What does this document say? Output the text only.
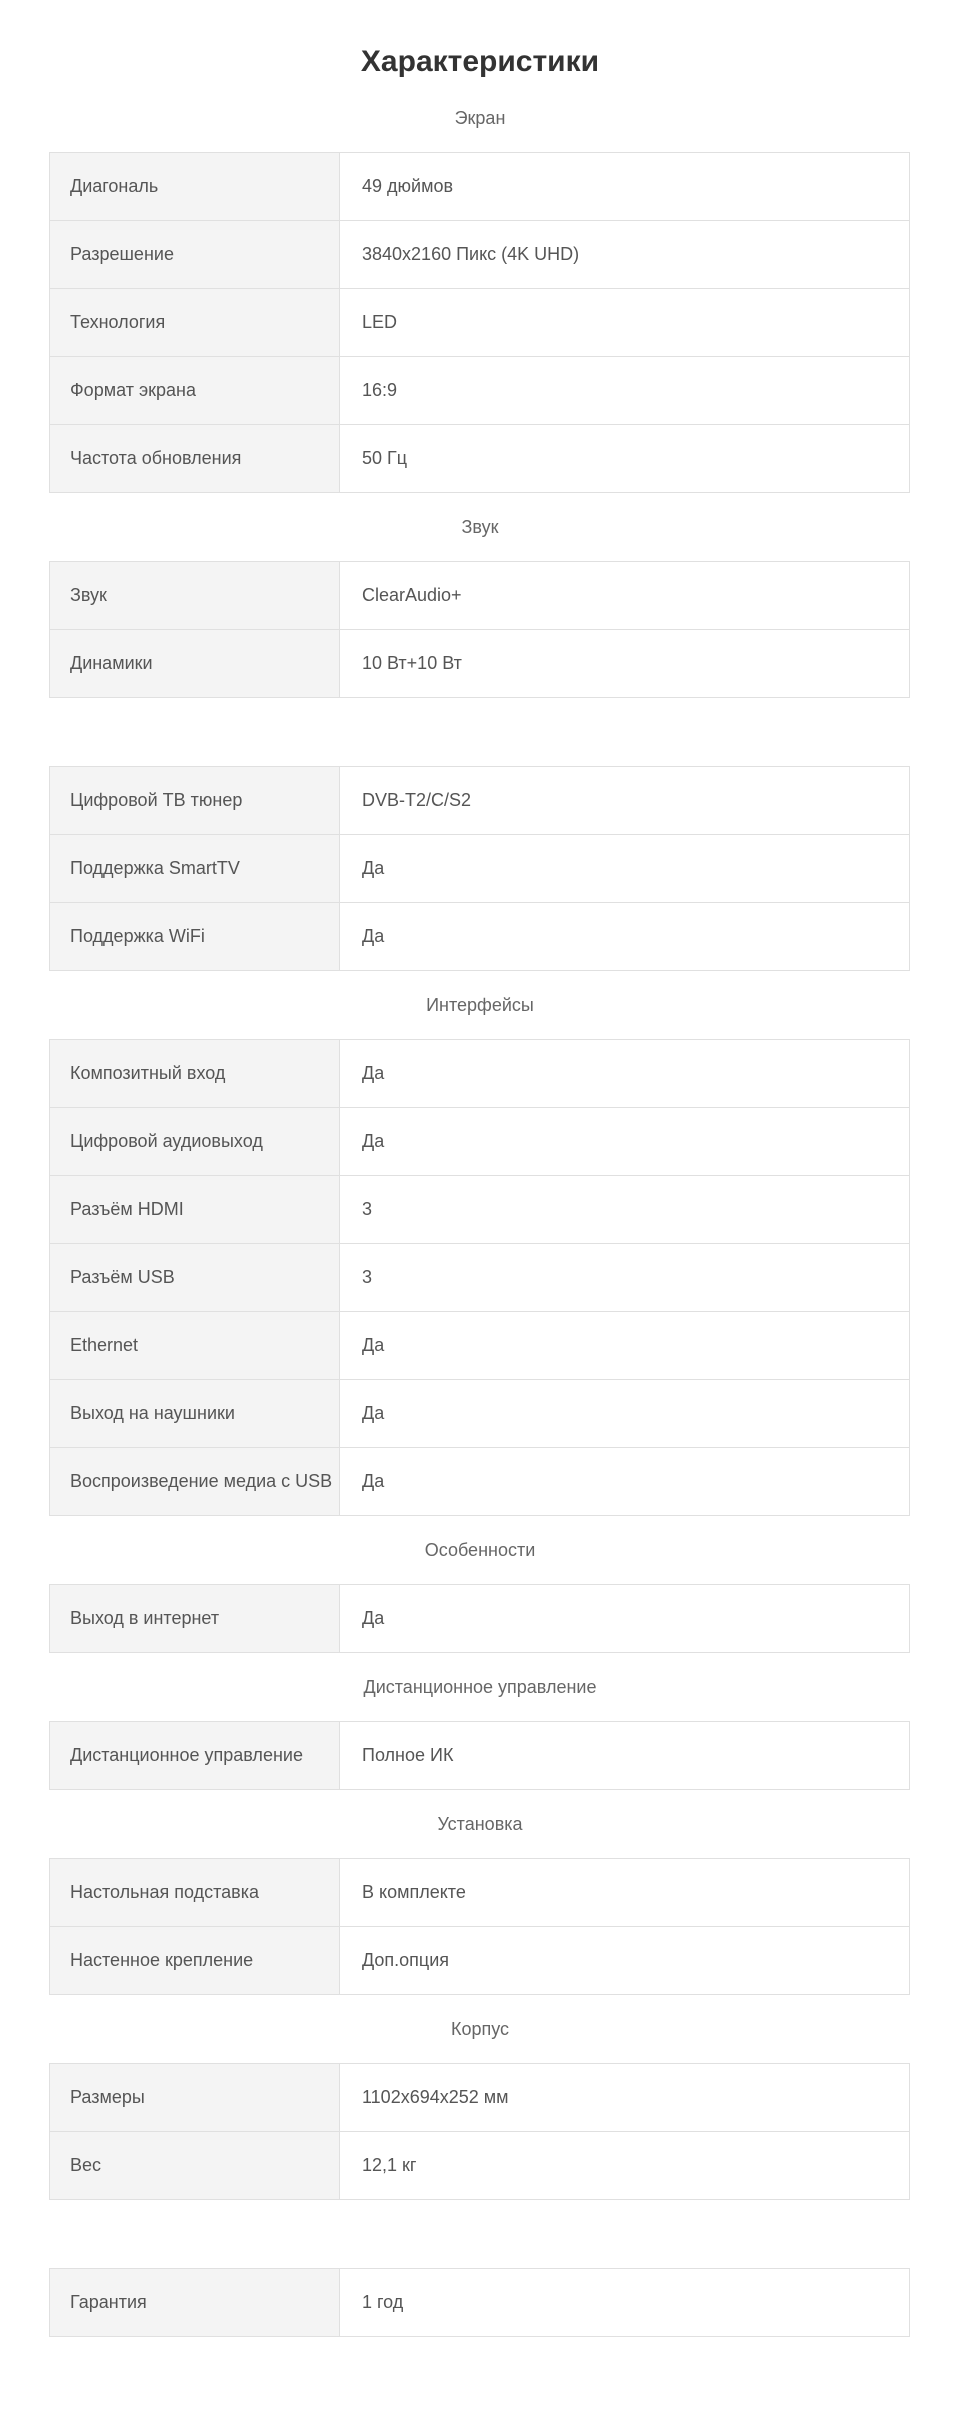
Характеристики
Экран
Диагональ	49 дюймов
Разрешение	3840x2160 Пикс (4K UHD)
Технология	LED
Формат экрана	16:9
Частота обновления	50 Гц
Звук
Звук	ClearAudio+
Динамики	10 Вт+10 Вт
Цифровой ТВ тюнер	DVB-T2/C/S2
Поддержка SmartTV	Да
Поддержка WiFi	Да
Интерфейсы
Композитный вход	Да
Цифровой аудиовыход	Да
Разъём HDMI	3
Разъём USB	3
Ethernet	Да
Выход на наушники	Да
Воспроизведение медиа с USB	Да
Особенности
Выход в интернет	Да
Дистанционное управление
Дистанционное управление	Полное ИК
Установка
Настольная подставка	В комплекте
Настенное крепление	Доп.опция
Корпус
Размеры	1102x694x252 мм
Вес	12,1 кг
Гарантия	1 год
